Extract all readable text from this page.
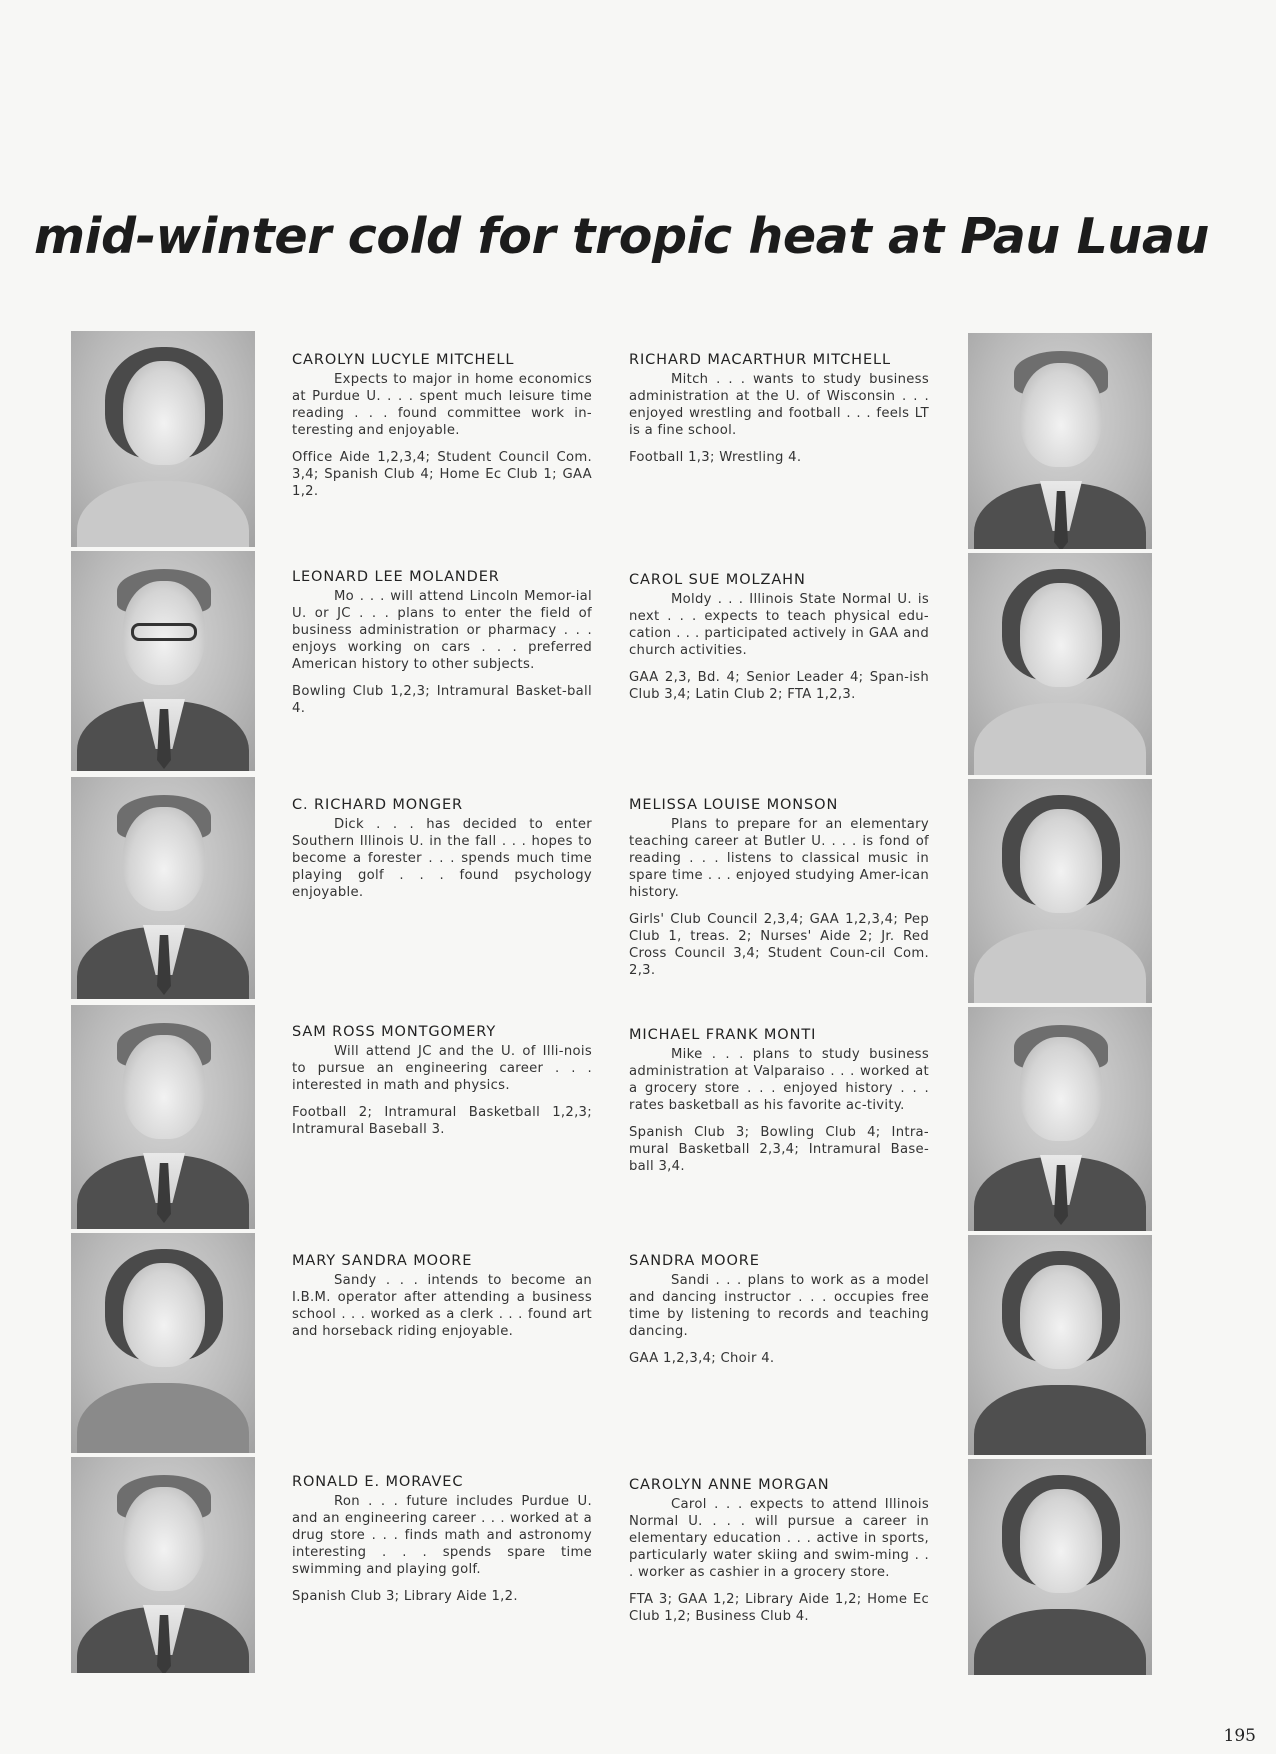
mid-winter cold for tropic heat at Pau Luau

CAROLYN LUCYLE MITCHELL

Expects to major in home economics at Purdue U. . . . spent much leisure time reading . . . found committee work in-teresting and enjoyable.

Office Aide 1,2,3,4; Student Council Com. 3,4; Spanish Club 4; Home Ec Club 1; GAA 1,2.

LEONARD LEE MOLANDER

Mo . . . will attend Lincoln Memor-ial U. or JC . . . plans to enter the field of business administration or pharmacy . . . enjoys working on cars . . . preferred American history to other subjects.

Bowling Club 1,2,3; Intramural Basket-ball 4.

C. RICHARD MONGER

Dick . . . has decided to enter Southern Illinois U. in the fall . . . hopes to become a forester . . . spends much time playing golf . . . found psychology enjoyable.

SAM ROSS MONTGOMERY

Will attend JC and the U. of Illi-nois to pursue an engineering career . . . interested in math and physics.

Football 2; Intramural Basketball 1,2,3; Intramural Baseball 3.

MARY SANDRA MOORE

Sandy . . . intends to become an I.B.M. operator after attending a business school . . . worked as a clerk . . . found art and horseback riding enjoyable.

RONALD E. MORAVEC

Ron . . . future includes Purdue U. and an engineering career . . . worked at a drug store . . . finds math and astronomy interesting . . . spends spare time swimming and playing golf.

Spanish Club 3; Library Aide 1,2.

RICHARD MACARTHUR MITCHELL

Mitch . . . wants to study business administration at the U. of Wisconsin . . . enjoyed wrestling and football . . . feels LT is a fine school.

Football 1,3; Wrestling 4.

CAROL SUE MOLZAHN

Moldy . . . Illinois State Normal U. is next . . . expects to teach physical edu-cation . . . participated actively in GAA and church activities.

GAA 2,3, Bd. 4; Senior Leader 4; Span-ish Club 3,4; Latin Club 2; FTA 1,2,3.

MELISSA LOUISE MONSON

Plans to prepare for an elementary teaching career at Butler U. . . . is fond of reading . . . listens to classical music in spare time . . . enjoyed studying Amer-ican history.

Girls' Club Council 2,3,4; GAA 1,2,3,4; Pep Club 1, treas. 2; Nurses' Aide 2; Jr. Red Cross Council 3,4; Student Coun-cil Com. 2,3.

MICHAEL FRANK MONTI

Mike . . . plans to study business administration at Valparaiso . . . worked at a grocery store . . . enjoyed history . . . rates basketball as his favorite ac-tivity.

Spanish Club 3; Bowling Club 4; Intra-mural Basketball 2,3,4; Intramural Base-ball 3,4.

SANDRA MOORE

Sandi . . . plans to work as a model and dancing instructor . . . occupies free time by listening to records and teaching dancing.

GAA 1,2,3,4; Choir 4.

CAROLYN ANNE MORGAN

Carol . . . expects to attend Illinois Normal U. . . . will pursue a career in elementary education . . . active in sports, particularly water skiing and swim-ming . . . worker as cashier in a grocery store.

FTA 3; GAA 1,2; Library Aide 1,2; Home Ec Club 1,2; Business Club 4.

195
